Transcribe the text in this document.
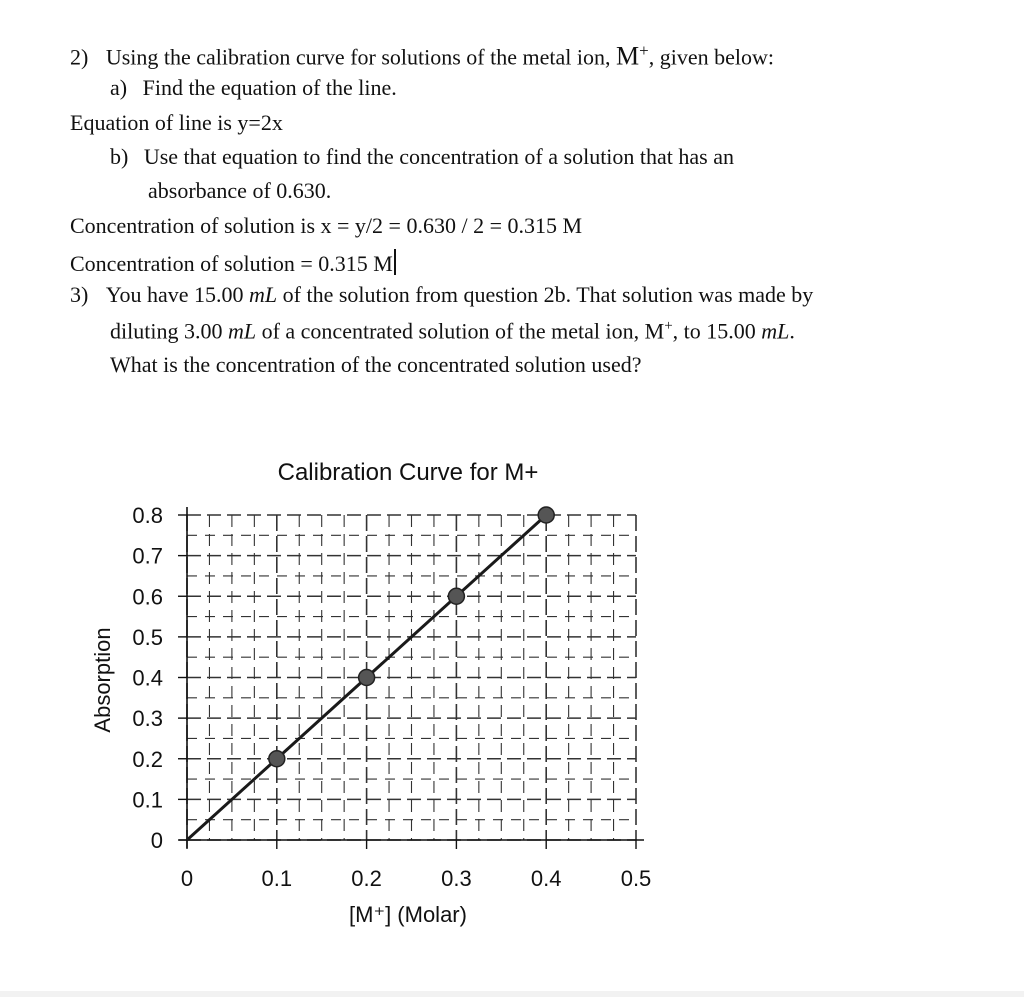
2) Using the calibration curve for solutions of the metal ion, M+, given below:
a) Find the equation of the line.
Equation of line is y=2x
b) Use that equation to find the concentration of a solution that has an
absorbance of 0.630.
Concentration of solution is x = y/2 = 0.630 / 2 = 0.315 M
Concentration of solution = 0.315 M
3) You have 15.00 mL of the solution from question 2b. That solution was made by
diluting 3.00 mL of a concentrated solution of the metal ion, M+, to 15.00 mL.
What is the concentration of the concentrated solution used?
Calibration Curve for M+
[M⁺] (Molar)
Absorption
0
0.1
0.2
0.3
0.4
0.5
0.6
0.7
0.8
0	0.1	0.2	0.3	0.4	0.5
